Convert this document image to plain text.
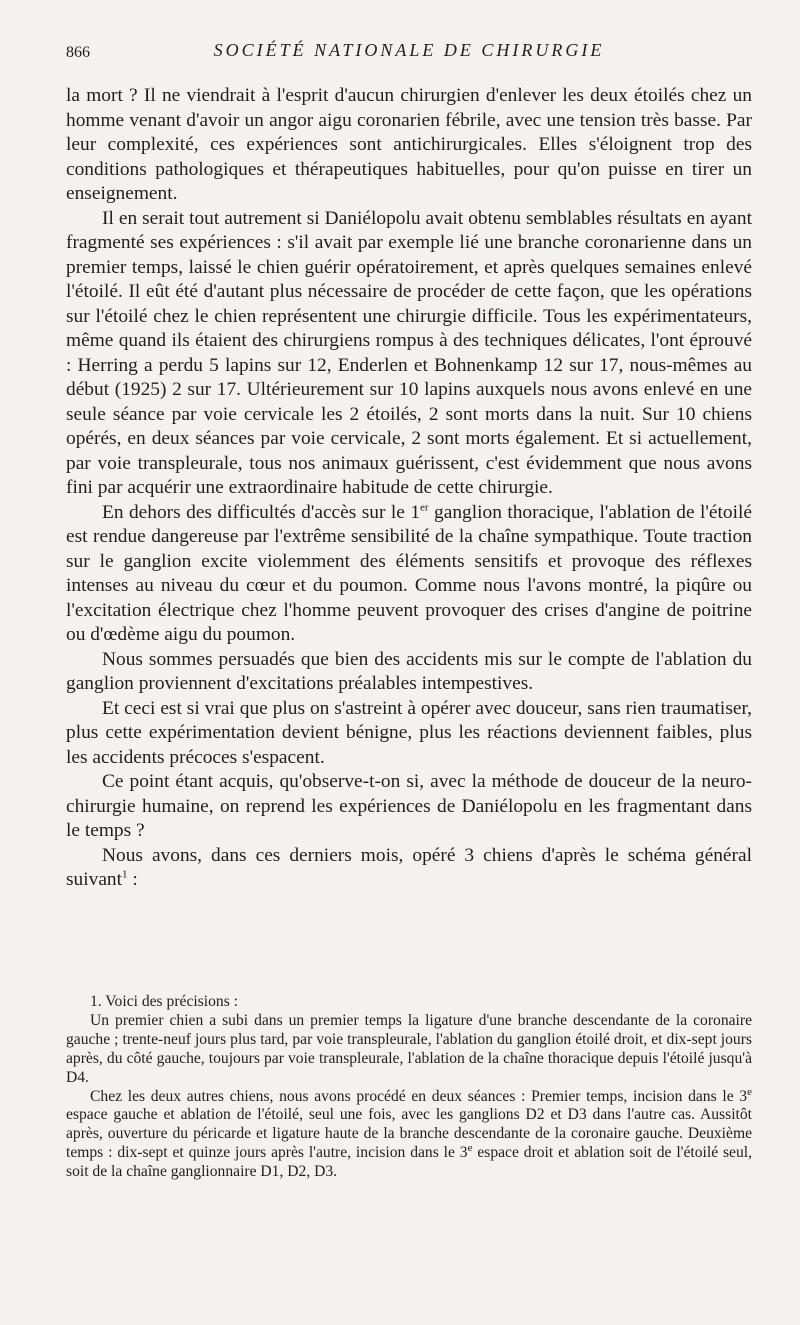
866	SOCIÉTÉ NATIONALE DE CHIRURGIE

la mort ? Il ne viendrait à l'esprit d'aucun chirurgien d'enlever les deux étoilés chez un homme venant d'avoir un angor aigu coronarien fébrile, avec une tension très basse. Par leur complexité, ces expériences sont antichirurgicales. Elles s'éloignent trop des conditions pathologiques et thérapeutiques habituelles, pour qu'on puisse en tirer un enseignement.

Il en serait tout autrement si Daniélopolu avait obtenu semblables résultats en ayant fragmenté ses expériences : s'il avait par exemple lié une branche coronarienne dans un premier temps, laissé le chien guérir opératoirement, et après quelques semaines enlevé l'étoilé. Il eût été d'autant plus nécessaire de procéder de cette façon, que les opérations sur l'étoilé chez le chien représentent une chirurgie difficile. Tous les expérimentateurs, même quand ils étaient des chirurgiens rompus à des techniques délicates, l'ont éprouvé : Herring a perdu 5 lapins sur 12, Enderlen et Bohnenkamp 12 sur 17, nous-mêmes au début (1925) 2 sur 17. Ultérieurement sur 10 lapins auxquels nous avons enlevé en une seule séance par voie cervicale les 2 étoilés, 2 sont morts dans la nuit. Sur 10 chiens opérés, en deux séances par voie cervicale, 2 sont morts également. Et si actuellement, par voie transpleurale, tous nos animaux guérissent, c'est évidemment que nous avons fini par acquérir une extraordinaire habitude de cette chirurgie.

En dehors des difficultés d'accès sur le 1er ganglion thoracique, l'ablation de l'étoilé est rendue dangereuse par l'extrême sensibilité de la chaîne sympathique. Toute traction sur le ganglion excite violemment des éléments sensitifs et provoque des réflexes intenses au niveau du cœur et du poumon. Comme nous l'avons montré, la piqûre ou l'excitation électrique chez l'homme peuvent provoquer des crises d'angine de poitrine ou d'œdème aigu du poumon.

Nous sommes persuadés que bien des accidents mis sur le compte de l'ablation du ganglion proviennent d'excitations préalables intempestives.

Et ceci est si vrai que plus on s'astreint à opérer avec douceur, sans rien traumatiser, plus cette expérimentation devient bénigne, plus les réactions deviennent faibles, plus les accidents précoces s'espacent.

Ce point étant acquis, qu'observe-t-on si, avec la méthode de douceur de la neuro-chirurgie humaine, on reprend les expériences de Daniélopolu en les fragmentant dans le temps ?

Nous avons, dans ces derniers mois, opéré 3 chiens d'après le schéma général suivant$^1$ :

1. Voici des précisions :

Un premier chien a subi dans un premier temps la ligature d'une branche descendante de la coronaire gauche ; trente-neuf jours plus tard, par voie transpleurale, l'ablation du ganglion étoilé droit, et dix-sept jours après, du côté gauche, toujours par voie transpleurale, l'ablation de la chaîne thoracique depuis l'étoilé jusqu'à D4.

Chez les deux autres chiens, nous avons procédé en deux séances : Premier temps, incision dans le 3e espace gauche et ablation de l'étoilé, seul une fois, avec les ganglions D2 et D3 dans l'autre cas. Aussitôt après, ouverture du péricarde et ligature haute de la branche descendante de la coronaire gauche. Deuxième temps : dix-sept et quinze jours après l'autre, incision dans le 3e espace droit et ablation soit de l'étoilé seul, soit de la chaîne ganglionnaire D1, D2, D3.
